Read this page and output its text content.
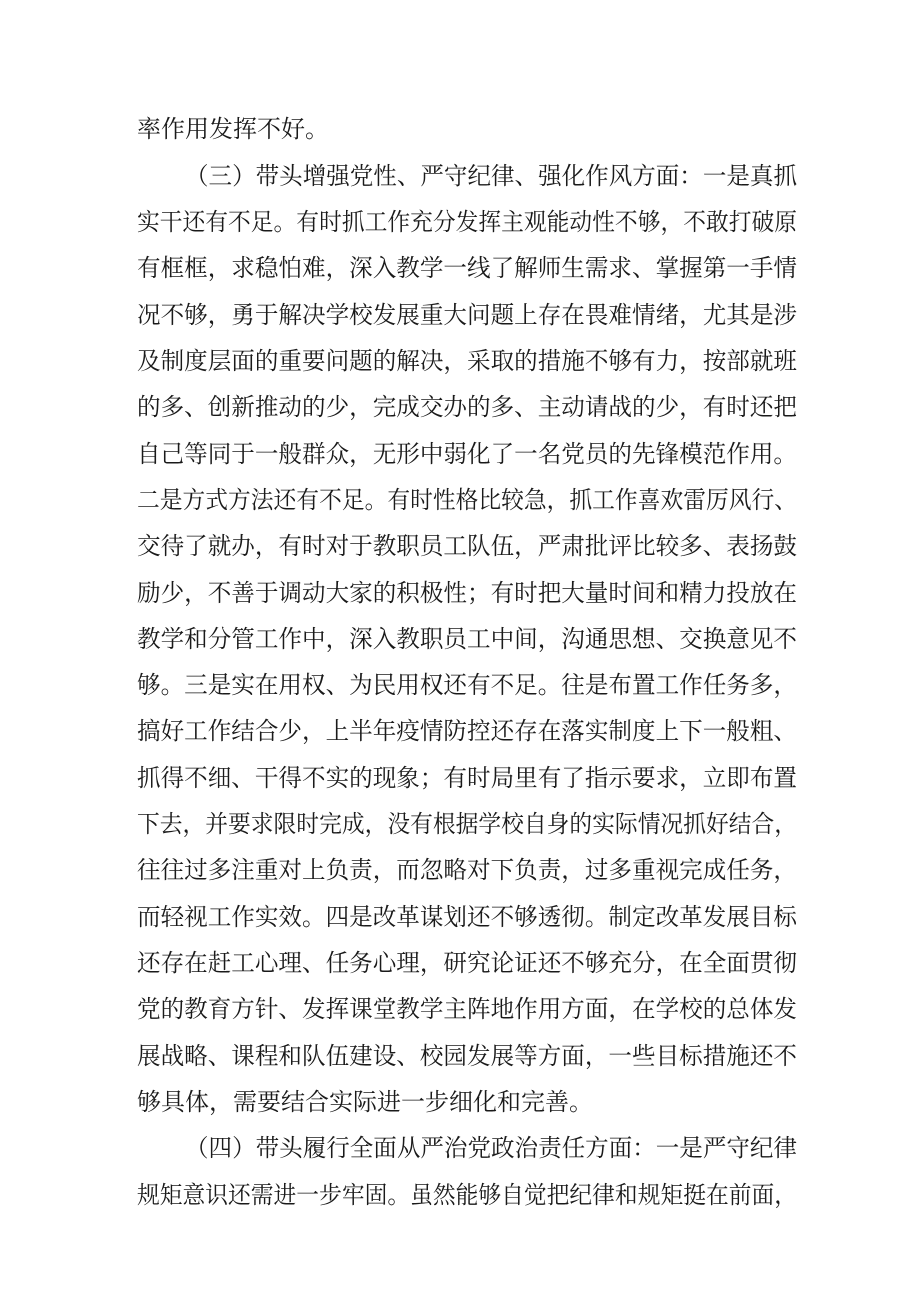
率作用发挥不好。
（三）带头增强党性、严守纪律、强化作风方面：一是真抓
实干还有不足。有时抓工作充分发挥主观能动性不够，不敢打破原
有框框，求稳怕难，深入教学一线了解师生需求、掌握第一手情
况不够，勇于解决学校发展重大问题上存在畏难情绪，尤其是涉
及制度层面的重要问题的解决，采取的措施不够有力，按部就班
的多、创新推动的少，完成交办的多、主动请战的少，有时还把
自己等同于一般群众，无形中弱化了一名党员的先锋模范作用。
二是方式方法还有不足。有时性格比较急，抓工作喜欢雷厉风行、
交待了就办，有时对于教职员工队伍，严肃批评比较多、表扬鼓
励少，不善于调动大家的积极性；有时把大量时间和精力投放在
教学和分管工作中，深入教职员工中间，沟通思想、交换意见不
够。三是实在用权、为民用权还有不足。往是布置工作任务多，
搞好工作结合少，上半年疫情防控还存在落实制度上下一般粗、
抓得不细、干得不实的现象；有时局里有了指示要求，立即布置
下去，并要求限时完成，没有根据学校自身的实际情况抓好结合，
往往过多注重对上负责，而忽略对下负责，过多重视完成任务，
而轻视工作实效。四是改革谋划还不够透彻。制定改革发展目标
还存在赶工心理、任务心理，研究论证还不够充分，在全面贯彻
党的教育方针、发挥课堂教学主阵地作用方面，在学校的总体发
展战略、课程和队伍建设、校园发展等方面，一些目标措施还不
够具体，需要结合实际进一步细化和完善。
（四）带头履行全面从严治党政治责任方面：一是严守纪律
规矩意识还需进一步牢固。虽然能够自觉把纪律和规矩挺在前面，
